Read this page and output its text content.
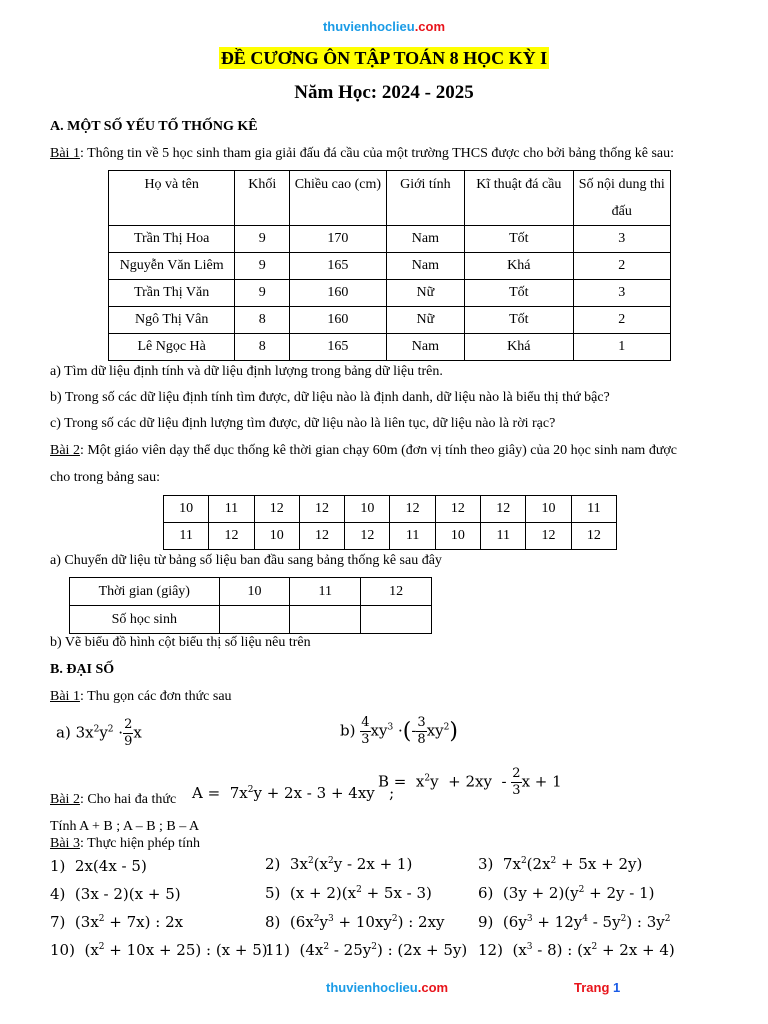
thuvienhoclieu.com
ĐỀ CƯƠNG ÔN TẬP TOÁN 8 HỌC KỲ I
Năm Học: 2024 - 2025
A. MỘT SỐ YẾU TỐ THỐNG KÊ
Bài 1: Thông tin về 5 học sinh tham gia giải đấu đá cầu của một trường THCS được cho bởi bảng thống kê sau:
Họ và tên	Khối	Chiều cao (cm)	Giới tính	Kĩ thuật đá cầu	Số nội dung thi đấu
Trần Thị Hoa	9	170	Nam	Tốt	3
Nguyễn Văn Liêm	9	165	Nam	Khá	2
Trần Thị Văn	9	160	Nữ	Tốt	3
Ngô Thị Vân	8	160	Nữ	Tốt	2
Lê Ngọc Hà	8	165	Nam	Khá	1
a) Tìm dữ liệu định tính và dữ liệu định lượng trong bảng dữ liệu trên.
b) Trong số các dữ liệu định tính tìm được, dữ liệu nào là định danh, dữ liệu nào là biểu thị thứ bậc?
c) Trong số các dữ liệu định lượng tìm được, dữ liệu nào là liên tục, dữ liệu nào là rời rạc?
Bài 2: Một giáo viên dạy thể dục thống kê thời gian chạy 60m (đơn vị tính theo giây) của 20 học sinh nam được
cho trong bảng sau:
10	11	12	12	10	12	12	12	10	11
11	12	10	12	12	11	10	11	12	12
a) Chuyển dữ liệu từ bảng số liệu ban đầu sang bảng thống kê sau đây
Thời gian (giây)	10	11	12
Số học sinh			
b) Vẽ biểu đồ hình cột biểu thị số liệu nêu trên
B. ĐẠI SỐ
Bài 1: Thu gọn các đơn thức sau
a) $3x^2y^2 \cdot \frac{2}{9}$ x	$b) \frac{4}{3} xy^3$ ·(- $\frac{3}{8} xy^2$)
Bài 2: Cho hai đa thức $A = 7x^2y + 2x - 3 + 4xy$   ;
$B = x^2y + 2xy - \frac{2}{3}$ x + 1
Tính A + B ; A – B ; B – A
Bài 3: Thực hiện phép tính
1)  2x(4x - 5)	2)  $3x^2(x^2y - 2x + 1)$	3)  $7x^2(2x^2 + 5x + 2y)$
4)  (3x - 2)(x + 5)	5)  $(x + 2)(x^2 + 5x - 3)$	6)  $(3y + 2)(y^2 + 2y - 1)$
7)  $(3x^2 + 7x)$ : 2x	8)  $(6x^2y^3 + 10xy^2)$ : 2xy 9)  $(6y^3 + 12y^4 - 5y^2)$ : $3y^2$
10)  $(x^2 + 10x + 25)$ : (x + 5)
11)  $(4x^2 - 25y^2)$ : (2x + 5y) 12)  $(x^3 - 8)$ : $(x^2 + 2x + 4)$
thuvienhoclieu.com	Trang 1
